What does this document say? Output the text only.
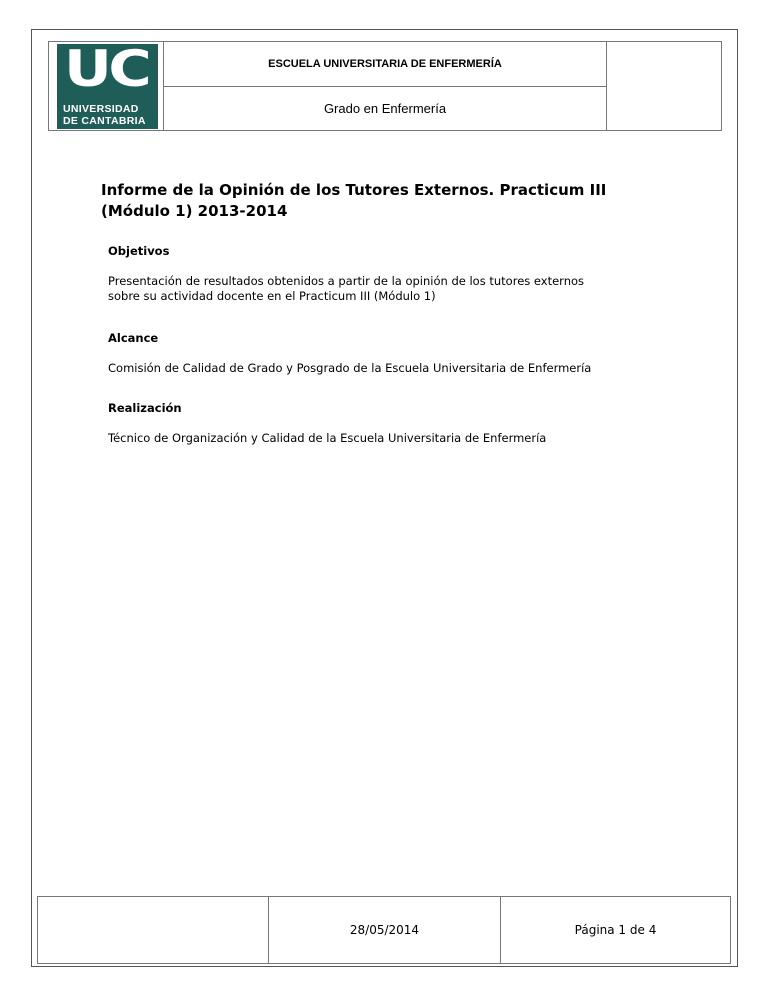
UC
UNIVERSIDAD
DE CANTABRIA
ESCUELA UNIVERSITARIA DE ENFERMERÍA
Grado en Enfermería
Informe de la Opinión de los Tutores Externos. Practicum III
(Módulo 1) 2013-2014
Objetivos
Presentación de resultados obtenidos a partir de la opinión de los tutores externos
sobre su actividad docente en el Practicum III (Módulo 1)
Alcance
Comisión de Calidad de Grado y Posgrado de la Escuela Universitaria de Enfermería
Realización
Técnico de Organización y Calidad de la Escuela Universitaria de Enfermería
28/05/2014	Página 1 de 4
